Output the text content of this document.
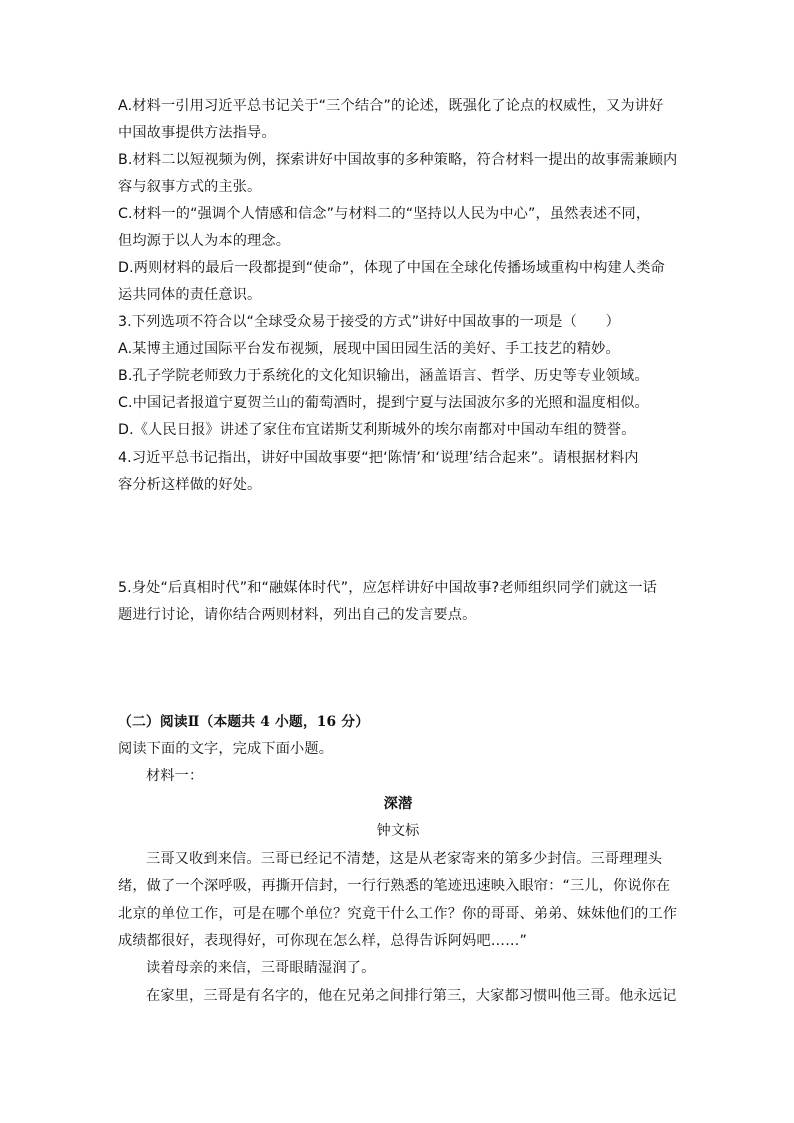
A.材料一引用习近平总书记关于“三个结合”的论述，既强化了论点的权威性，又为讲好
中国故事提供方法指导。
B.材料二以短视频为例，探索讲好中国故事的多种策略，符合材料一提出的故事需兼顾内
容与叙事方式的主张。
C.材料一的“强调个人情感和信念”与材料二的“坚持以人民为中心”，虽然表述不同，
但均源于以人为本的理念。
D.两则材料的最后一段都提到“使命”，体现了中国在全球化传播场域重构中构建人类命
运共同体的责任意识。
3.下列选项不符合以“全球受众易于接受的方式”讲好中国故事的一项是（　　）
A.某博主通过国际平台发布视频，展现中国田园生活的美好、手工技艺的精妙。
B.孔子学院老师致力于系统化的文化知识输出，涵盖语言、哲学、历史等专业领域。
C.中国记者报道宁夏贺兰山的葡萄酒时，提到宁夏与法国波尔多的光照和温度相似。
D.《人民日报》讲述了家住布宜诺斯艾利斯城外的埃尔南都对中国动车组的赞誉。
4.习近平总书记指出，讲好中国故事要“把‘陈情’和‘说理’结合起来”。请根据材料内
容分析这样做的好处。
5.身处“后真相时代”和“融媒体时代”，应怎样讲好中国故事?老师组织同学们就这一话
题进行讨论，请你结合两则材料，列出自己的发言要点。
（二）阅读Ⅱ（本题共 4 小题，16 分）
阅读下面的文字，完成下面小题。
材料一：
深潜
钟文标
三哥又收到来信。三哥已经记不清楚，这是从老家寄来的第多少封信。三哥理理头
绪，做了一个深呼吸，再撕开信封，一行行熟悉的笔迹迅速映入眼帘：“三儿，你说你在
北京的单位工作，可是在哪个单位？究竟干什么工作？你的哥哥、弟弟、妹妹他们的工作
成绩都很好，表现得好，可你现在怎么样，总得告诉阿妈吧……”
读着母亲的来信，三哥眼睛湿润了。
在家里，三哥是有名字的，他在兄弟之间排行第三，大家都习惯叫他三哥。他永远记
